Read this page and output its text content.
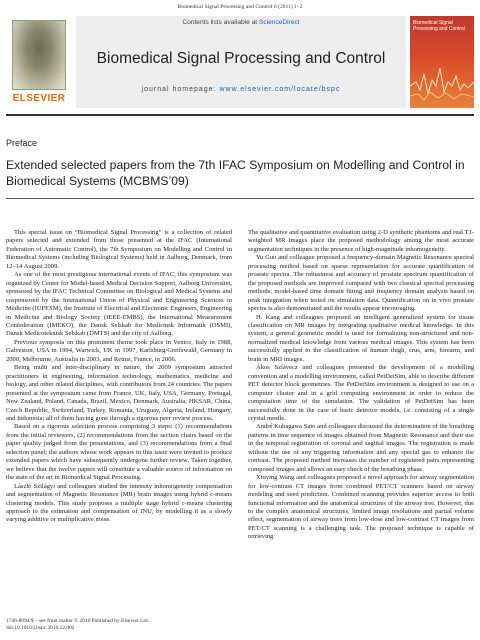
Biomedical Signal Processing and Control 6 (2011) 1–2
ELSEVIER
Contents lists available at ScienceDirect
Biomedical Signal Processing and Control
journal homepage: www.elsevier.com/locate/bspc
Biomedical Signal Processing and Control
Preface
Extended selected papers from the 7th IFAC Symposium on Modelling and Control in Biomedical Systems (MCBMS’09)

This special issue on “Biomedical Signal Processing” is a collection of related papers selected and extended from those presented at the IFAC (International Federation of Automatic Control), the 7th Symposium on Modelling and Control in Biomedical Systems (including Biological Systems) held in Aalborg, Denmark, from 12–14 August 2009.

As one of the most prestigious international events of IFAC, this symposium was organized by Center for Model-based Medical Decision Support, Aalborg Universitet, sponsored by the IFAC Technical Committee on Biological and Medical Systems and cosponsored by the International Union of Physical and Engineering Sciences in Medicine (IUPESM), the Institute of Electrical and Electronic Engineers, Engineering in Medicine and Biology Society (IEEE-EMBS), the International Measurement Confederation (IMEKO), the Dansk Selskab for Medicinsk Informatik (DSMI), Dansk Medicoteknisk Selskab (DMTS) and the city of Aalborg.

Previous symposia on this prominent theme took place in Venice, Italy in 1988, Galveston, USA in 1994, Warwick, UK in 1997, Karlsburg/Greifswald, Germany in 2000, Melbourne, Australia in 2003, and Reims, France, in 2006.

Being multi and inter-disciplinary in nature, the 2009 symposium attracted practitioners in engineering, information technology, mathematics, medicine and biology, and other related disciplines, with contributors from 24 countries. The papers presented at the symposium came from France, UK, Italy, USA, Germany, Portugal, New Zealand, Poland, Canada, Brazil, Mexico, Denmark, Australia, HKSAR, China, Czech Republic, Switzerland, Turkey, Romania, Uruguay, Algeria, Ireland, Hungary, and Indonesia; all of them having gone through a rigorous peer review process.

Based on a rigorous selection process comprising 3 steps: (1) recommendations from the initial reviewers, (2) recommendations from the section chairs based on the paper quality judged from the presentations, and (3) recommendations from a final selection panel; the authors whose work appears in this issue were invited to produce extended papers which have subsequently undergone further review. Taken together, we believe that the twelve papers will constitute a valuable source of information on the state of the art in Biomedical Signal Processing.

László Szilágyi and colleagues studied the intensity inhomogeneity compensation and segmentation of Magnetic Resonance (MR) brain images using hybrid c-means clustering models. This study proposes a multiple stage hybrid c-means clustering approach to the estimation and compensation of INU, by modelling it as a slowly varying additive or multiplicative noise.

The qualitative and quantitative evaluation using 2-D synthetic phantoms and real T1-weighted MR images place the proposed methodology among the most accurate segmentation techniques in the presence of high-magnitude inhomogeneity.

Yu Guo and colleague proposed a frequency-domain Magnetic Resonance spectral processing method based on sparse representation for accurate quantification of prostate spectra. The robustness and accuracy of prostate spectrum quantification of the proposed methods are improved compared with two classical spectral processing methods: model-based time domain fitting and frequency domain analysis based on peak integration when tested on simulation data. Quantification on in vivo prostate spectra is also demonstrated and the results appear encouraging.

H. Kang and colleagues proposed an intelligent generalized system for tissue classification on MR images by integrating qualitative medical knowledge. In this system, a general geometric model is used for formalizing non-structured and non-normalized medical knowledge from various medical images. This system has been successfully applied to the classification of human thigh, crus, arm, forearm, and brain in MRI images.

Ákos Szlávecz and colleagues presented the development of a modelling convention and a modelling environment, called PetDetSim, able to describe different PET detector block geometries. The PetDetSim environment is designed to use on a computer cluster and in a grid computing environment in order to reduce the computation time of the simulation. The validation of PetDetSim has been successfully done in the case of basic detector models, i.e. consisting of a single crystal needle.

André Kubagawa Sato and colleagues discussed the determination of the breathing patterns in time sequence of images obtained from Magnetic Resonance and their use in the temporal registration of coronal and sagittal images. The registration is made without the use of any triggering information and any special gas to enhance the contrast. The proposed method increases the number of registered pairs representing composed images and allows an easy check of the breathing phase.

Xiuying Wang and colleagues proposed a novel approach for airway segmentation for low-contrast CT images from combined PET/CT scanners based on airway modeling and seed prediction. Combined scanning provides superior access to both functional information and the anatomical structures of the airway tree. However, due to the complex anatomical structures, limited image resolutions and partial volume effect, segmentation of airway trees from low-dose and low-contrast CT images from PET/CT scanning is a challenging task. The proposed technique is capable of retrieving

1746-8094/$ – see front matter © 2010 Published by Elsevier Ltd.
doi:10.1016/j.bspc.2010.12.002
